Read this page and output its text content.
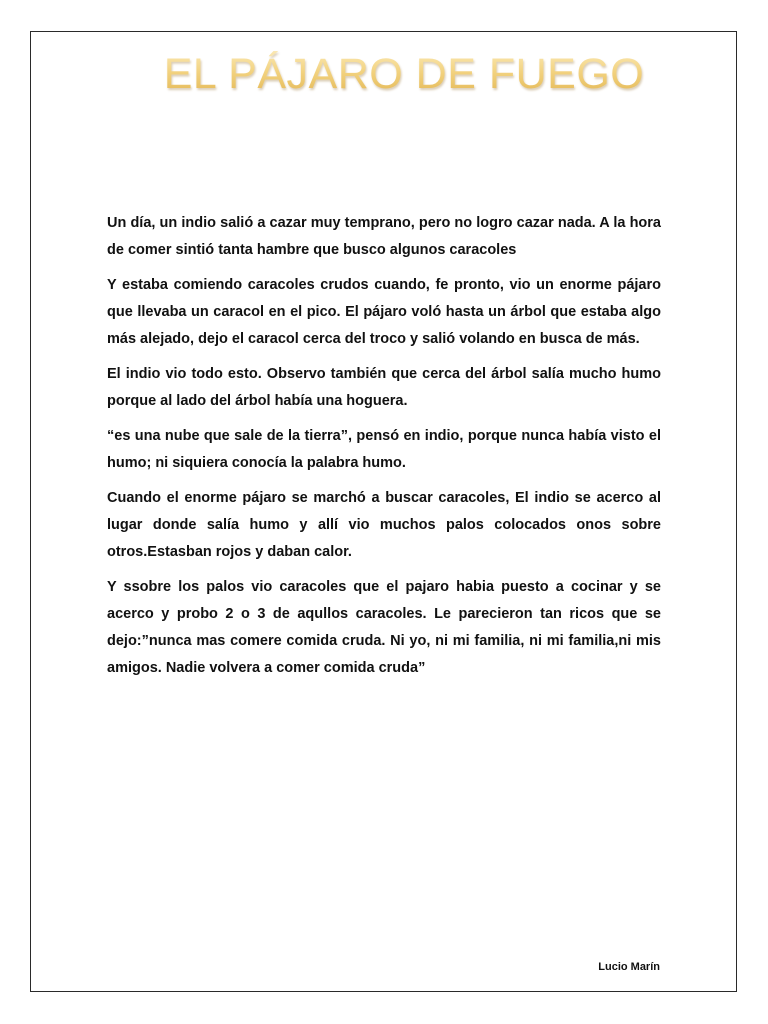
EL PÁJARO DE FUEGO

Un día, un indio salió a cazar muy temprano, pero no logro cazar nada. A la hora de comer sintió tanta hambre que busco algunos caracoles

Y estaba comiendo caracoles crudos cuando, fe pronto, vio un enorme pájaro que llevaba un caracol en el pico. El pájaro voló hasta un árbol que estaba algo más alejado, dejo el caracol cerca del troco y salió volando en busca de más.

El indio vio todo esto. Observo también que cerca del árbol salía mucho humo porque al lado del árbol había una hoguera.

“es una nube que sale de la tierra”, pensó en indio, porque nunca había visto el humo; ni siquiera conocía la palabra humo.

Cuando el enorme pájaro se marchó a buscar caracoles, El indio se acerco al lugar donde salía humo y allí vio muchos palos colocados onos sobre otros.Estasban rojos y daban calor.

Y ssobre los palos vio caracoles que el pajaro habia puesto a cocinar y se acerco y probo 2 o 3 de aqullos caracoles. Le parecieron tan ricos que se dejo:”nunca mas comere comida cruda. Ni yo, ni mi familia, ni mi familia,ni mis amigos. Nadie volvera a comer comida cruda”

Lucio Marín
